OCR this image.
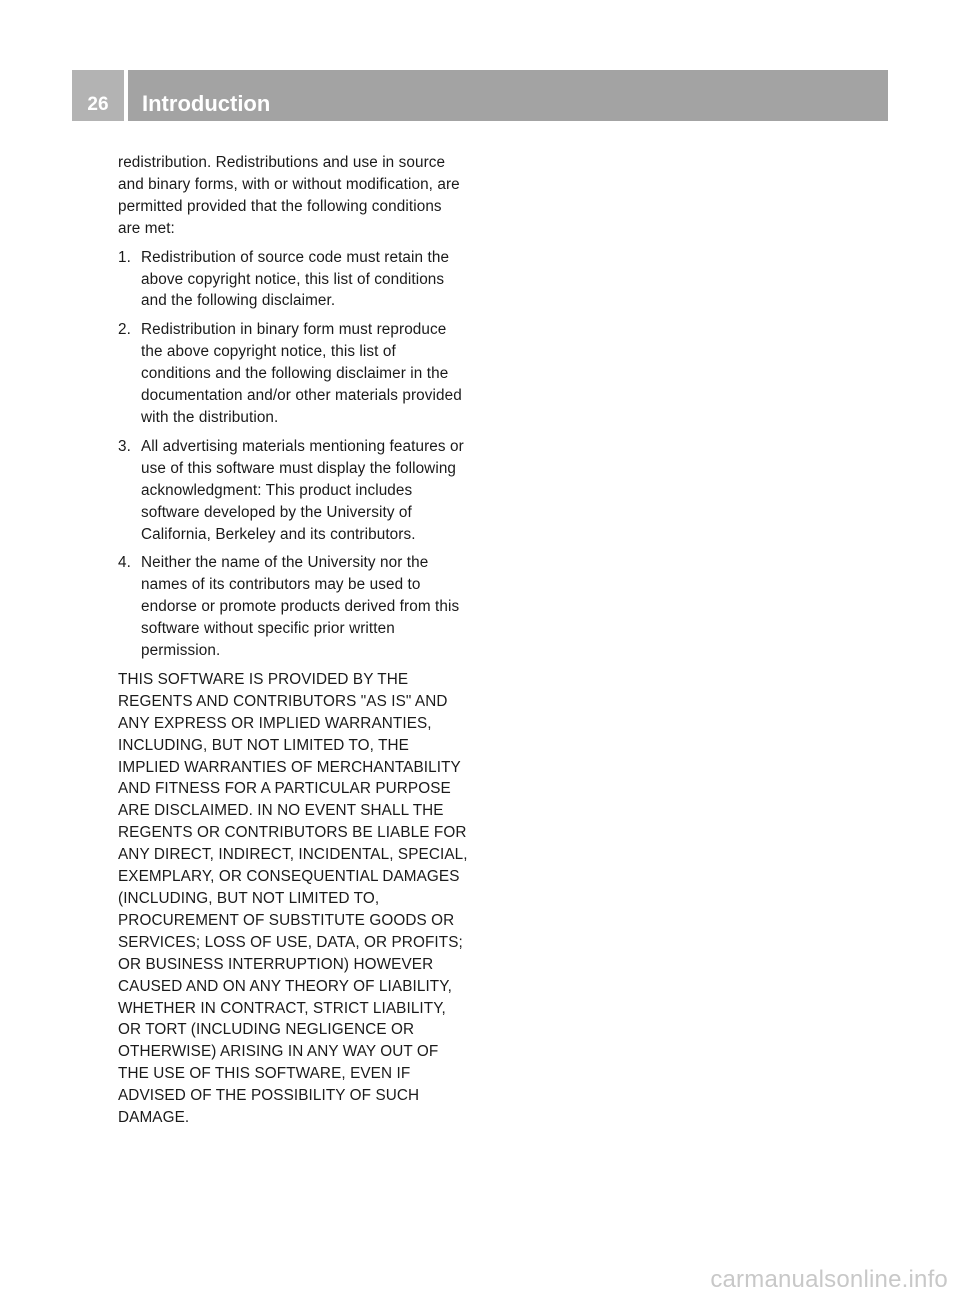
26	Introduction

redistribution. Redistributions and use in source and binary forms, with or without modification, are permitted provided that the following conditions are met:

1. Redistribution of source code must retain the above copyright notice, this list of conditions and the following disclaimer.
2. Redistribution in binary form must reproduce the above copyright notice, this list of conditions and the following disclaimer in the documentation and/or other materials provided with the distribution.
3. All advertising materials mentioning features or use of this software must display the following acknowledgment: This product includes software developed by the University of California, Berkeley and its contributors.
4. Neither the name of the University nor the names of its contributors may be used to endorse or promote products derived from this software without specific prior written permission.

THIS SOFTWARE IS PROVIDED BY THE REGENTS AND CONTRIBUTORS "AS IS" AND ANY EXPRESS OR IMPLIED WARRANTIES, INCLUDING, BUT NOT LIMITED TO, THE IMPLIED WARRANTIES OF MERCHANTABILITY AND FITNESS FOR A PARTICULAR PURPOSE ARE DISCLAIMED. IN NO EVENT SHALL THE REGENTS OR CONTRIBUTORS BE LIABLE FOR ANY DIRECT, INDIRECT, INCIDENTAL, SPECIAL, EXEMPLARY, OR CONSEQUENTIAL DAMAGES (INCLUDING, BUT NOT LIMITED TO, PROCUREMENT OF SUBSTITUTE GOODS OR SERVICES; LOSS OF USE, DATA, OR PROFITS; OR BUSINESS INTERRUPTION) HOWEVER CAUSED AND ON ANY THEORY OF LIABILITY, WHETHER IN CONTRACT, STRICT LIABILITY, OR TORT (INCLUDING NEGLIGENCE OR OTHERWISE) ARISING IN ANY WAY OUT OF THE USE OF THIS SOFTWARE, EVEN IF ADVISED OF THE POSSIBILITY OF SUCH DAMAGE.

carmanualsonline.info
